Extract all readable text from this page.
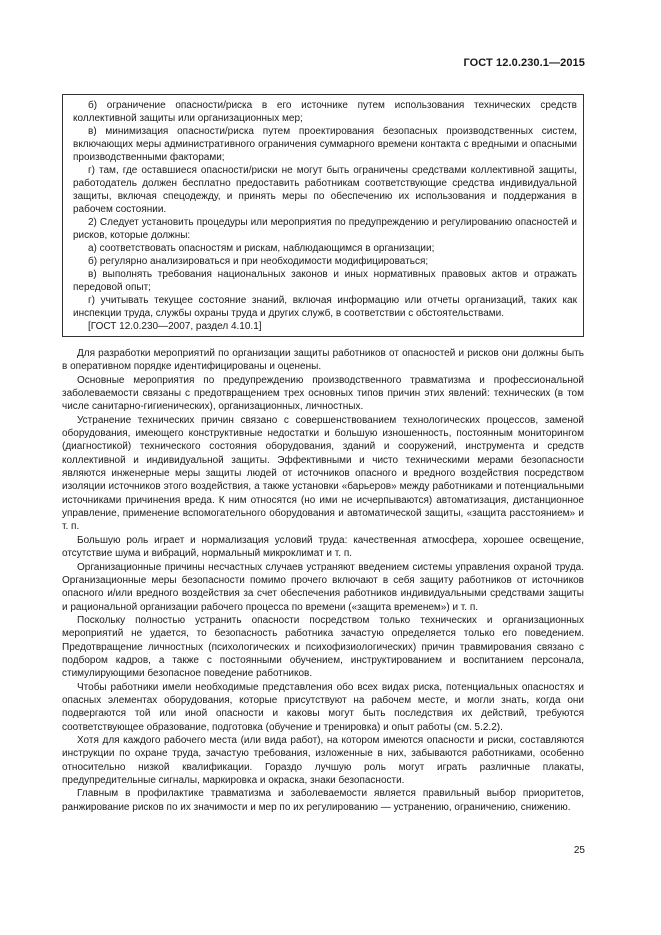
ГОСТ 12.0.230.1—2015

б) ограничение опасности/риска в его источнике путем использования технических средств коллективной защиты или организационных мер;

в) минимизация опасности/риска путем проектирования безопасных производственных систем, включающих меры административного ограничения суммарного времени контакта с вредными и опасными производственными факторами;

г) там, где оставшиеся опасности/риски не могут быть ограничены средствами коллективной защиты, работодатель должен бесплатно предоставить работникам соответствующие средства индивидуальной защиты, включая спецодежду, и принять меры по обеспечению их использования и поддержания в рабочем состоянии.

2) Следует установить процедуры или мероприятия по предупреждению и регулированию опасностей и рисков, которые должны:

а) соответствовать опасностям и рискам, наблюдающимся в организации;

б) регулярно анализироваться и при необходимости модифицироваться;

в) выполнять требования национальных законов и иных нормативных правовых актов и отражать передовой опыт;

г) учитывать текущее состояние знаний, включая информацию или отчеты организаций, таких как инспекции труда, службы охраны труда и других служб, в соответствии с обстоятельствами.

[ГОСТ 12.0.230—2007, раздел 4.10.1]

Для разработки мероприятий по организации защиты работников от опасностей и рисков они должны быть в оперативном порядке идентифицированы и оценены.

Основные мероприятия по предупреждению производственного травматизма и профессиональной заболеваемости связаны с предотвращением трех основных типов причин этих явлений: технических (в том числе санитарно-гигиенических), организационных, личностных.

Устранение технических причин связано с совершенствованием технологических процессов, заменой оборудования, имеющего конструктивные недостатки и большую изношенность, постоянным мониторингом (диагностикой) технического состояния оборудования, зданий и сооружений, инструмента и средств коллективной и индивидуальной защиты. Эффективными и чисто техническими мерами безопасности являются инженерные меры защиты людей от источников опасного и вредного воздействия посредством изоляции источников этого воздействия, а также установки «барьеров» между работниками и потенциальными источниками причинения вреда. К ним относятся (но ими не исчерпываются) автоматизация, дистанционное управление, применение вспомогательного оборудования и автоматической защиты, «защита расстоянием» и т. п.

Большую роль играет и нормализация условий труда: качественная атмосфера, хорошее освещение, отсутствие шума и вибраций, нормальный микроклимат и т. п.

Организационные причины несчастных случаев устраняют введением системы управления охраной труда. Организационные меры безопасности помимо прочего включают в себя защиту работников от источников опасного и/или вредного воздействия за счет обеспечения работников индивидуальными средствами защиты и рациональной организации рабочего процесса по времени («защита временем») и т. п.

Поскольку полностью устранить опасности посредством только технических и организационных мероприятий не удается, то безопасность работника зачастую определяется только его поведением. Предотвращение личностных (психологических и психофизиологических) причин травмирования связано с подбором кадров, а также с постоянными обучением, инструктированием и воспитанием персонала, стимулирующими безопасное поведение работников.

Чтобы работники имели необходимые представления обо всех видах риска, потенциальных опасностях и опасных элементах оборудования, которые присутствуют на рабочем месте, и могли знать, когда они подвергаются той или иной опасности и каковы могут быть последствия их действий, требуются соответствующее образование, подготовка (обучение и тренировка) и опыт работы (см. 5.2.2).

Хотя для каждого рабочего места (или вида работ), на котором имеются опасности и риски, составляются инструкции по охране труда, зачастую требования, изложенные в них, забываются работниками, особенно относительно низкой квалификации. Гораздо лучшую роль могут играть различные плакаты, предупредительные сигналы, маркировка и окраска, знаки безопасности.

Главным в профилактике травматизма и заболеваемости является правильный выбор приоритетов, ранжирование рисков по их значимости и мер по их регулированию — устранению, ограничению, снижению.

25
